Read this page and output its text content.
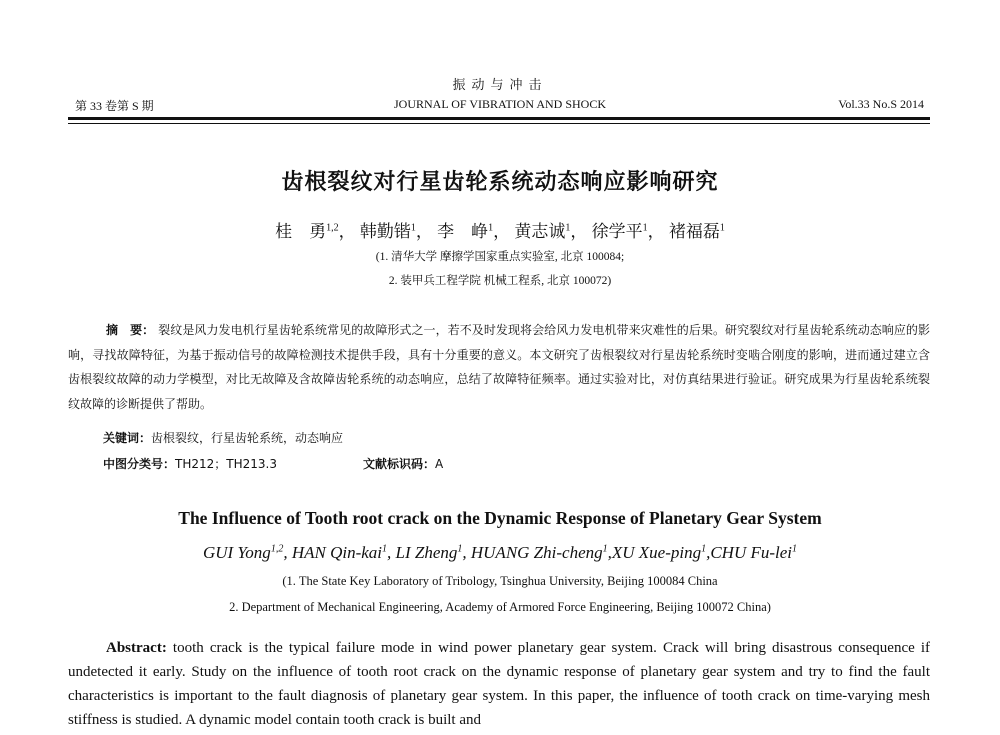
振动与冲击
第 33 卷第 S 期	JOURNAL OF VIBRATION AND SHOCK	Vol.33 No.S 2014
齿根裂纹对行星齿轮系统动态响应影响研究
桂　勇$^{1,2}$， 韩勤锴$^1$， 李　峥$^1$， 黄志诚$^1$， 徐学平$^1$， 褚福磊$^1$
(1. 清华大学 摩擦学国家重点实验室, 北京 100084;
2. 装甲兵工程学院 机械工程系, 北京 100072)
摘　要： 裂纹是风力发电机行星齿轮系统常见的故障形式之一，若不及时发现将会给风力发电机带来灾难性的后果。研究裂纹对行星齿轮系统动态响应的影响，寻找故障特征，为基于振动信号的故障检测技术提供手段，具有十分重要的意义。本文研究了齿根裂纹对行星齿轮系统时变啮合刚度的影响，进而通过建立含齿根裂纹故障的动力学模型，对比无故障及含故障齿轮系统的动态响应，总结了故障特征频率。通过实验对比，对仿真结果进行验证。研究成果为行星齿轮系统裂纹故障的诊断提供了帮助。
关键词：齿根裂纹，行星齿轮系统，动态响应
中图分类号：TH212；TH213.3	文献标识码：A
The Influence of Tooth root crack on the Dynamic Response of Planetary Gear System
GUI Yong$^{1,2}$, HAN Qin-kai$^1$, LI Zheng$^1$, HUANG Zhi-cheng$^1$,XU Xue-ping$^1$,CHU Fu-lei$^1$
(1. The State Key Laboratory of Tribology, Tsinghua University, Beijing 100084 China
2. Department of Mechanical Engineering, Academy of Armored Force Engineering, Beijing 100072 China)
Abstract: tooth crack is the typical failure mode in wind power planetary gear system. Crack will bring disastrous consequence if undetected it early. Study on the influence of tooth root crack on the dynamic response of planetary gear system and try to find the fault characteristics is important to the fault diagnosis of planetary gear system. In this paper, the influence of tooth crack on time-varying mesh stiffness is studied. A dynamic model contain tooth crack is built and
